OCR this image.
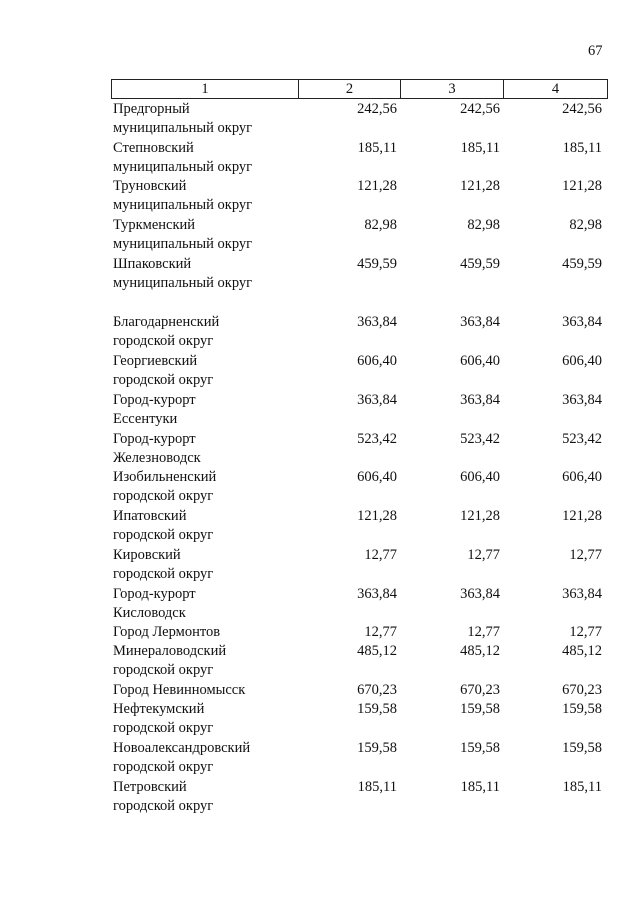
67
1	2	3	4
Предгорный
муниципальный округ
242,56	242,56	242,56
Степновский
муниципальный округ
185,11	185,11	185,11
Труновский
муниципальный округ
121,28	121,28	121,28
Туркменский
муниципальный округ
82,98	82,98	82,98
Шпаковский
муниципальный округ
459,59	459,59	459,59
Благодарненский
городской округ
363,84	363,84	363,84
Георгиевский
городской округ
606,40	606,40	606,40
Город-курорт
Ессентуки
363,84	363,84	363,84
Город-курорт
Железноводск
523,42	523,42	523,42
Изобильненский
городской округ
606,40	606,40	606,40
Ипатовский
городской округ
121,28	121,28	121,28
Кировский
городской округ
12,77	12,77	12,77
Город-курорт
Кисловодск
363,84	363,84	363,84
Город Лермонтов	12,77	12,77	12,77
Минераловодский
городской округ
485,12	485,12	485,12
Город Невинномысск	670,23	670,23	670,23
Нефтекумский
городской округ
159,58	159,58	159,58
Новоалександровский
городской округ
159,58	159,58	159,58
Петровский
городской округ
185,11	185,11	185,11
